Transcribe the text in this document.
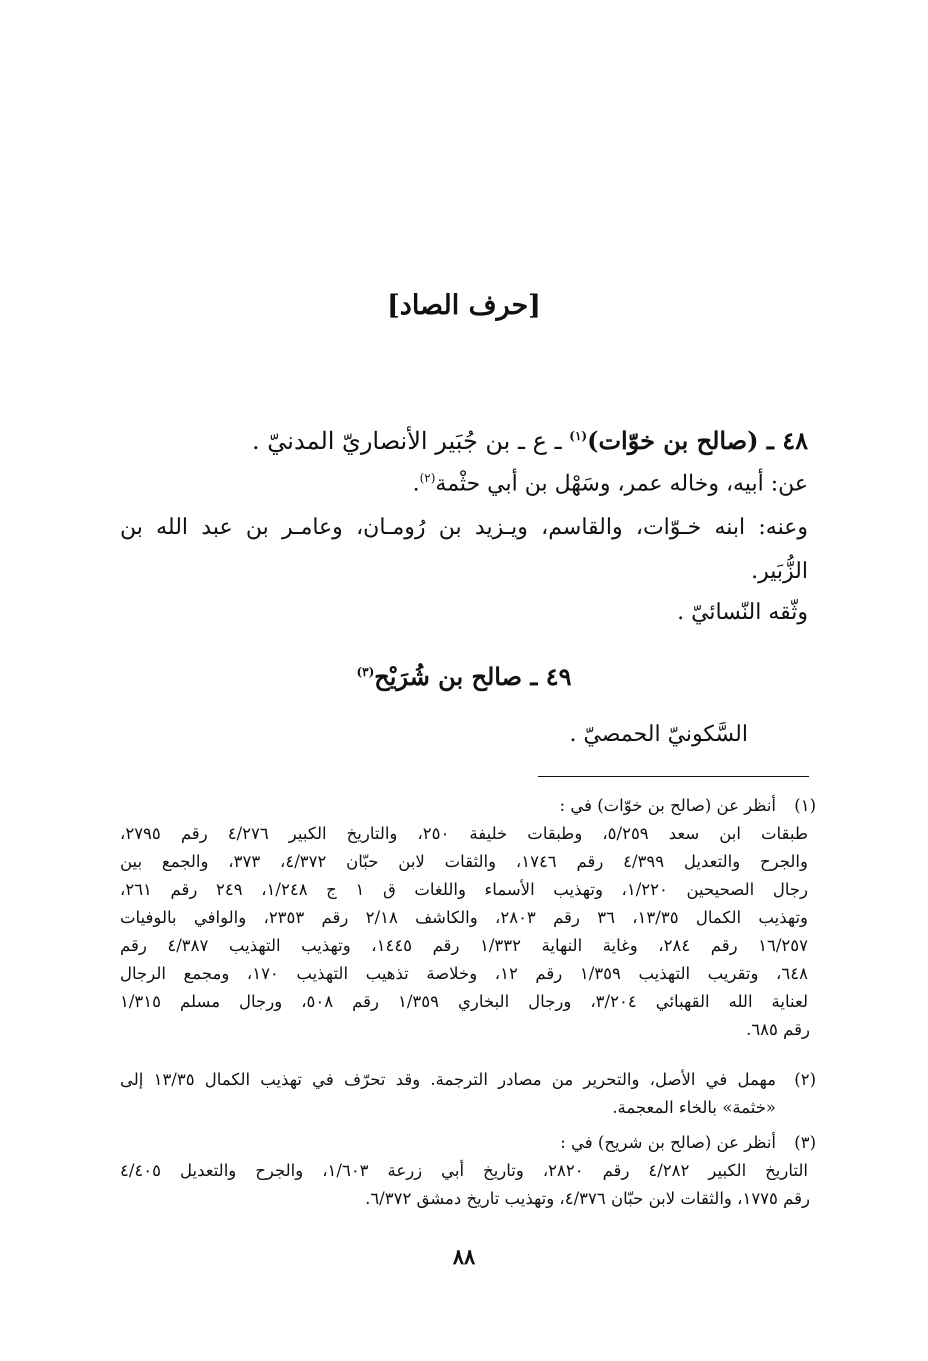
[حرف الصاد]
٤٨ ـ (صالح بن خوّات)$^{(١)}$ ـ ع ـ بن جُبَير الأنصاريّ المدنيّ .
عن: أبيه، وخاله عمر، وسَهْل بن أبي حثْمة$^{(٢)}$.
وعنه: ابنه خـوّات، والقاسم، ويـزيد بن رُومـان، وعامـر بن عبد الله بن
الزُّبَير.
وثّقه النّسائيّ .
٤٩ ـ صالح بن شُرَيْح$^{(٣)}$
السَّكونيّ الحمصيّ .
(١)
أنظر عن (صالح بن خوّات) في :
طبقات ابن سعد ٥/٢٥٩، وطبقات خليفة ٢٥٠، والتاريخ الكبير ٤/٢٧٦ رقم ٢٧٩٥،
والجرح والتعديل ٤/٣٩٩ رقم ١٧٤٦، والثقات لابن حبّان ٤/٣٧٢، ٣٧٣، والجمع بين
رجال الصحيحين ١/٢٢٠، وتهذيب الأسماء واللغات ق ١ ج ١/٢٤٨، ٢٤٩ رقم ٢٦١،
وتهذيب الكمال ١٣/٣٥، ٣٦ رقم ٢٨٠٣، والكاشف ٢/١٨ رقم ٢٣٥٣، والوافي بالوفيات
١٦/٢٥٧ رقم ٢٨٤، وغاية النهاية ١/٣٣٢ رقم ١٤٤٥، وتهذيب التهذيب ٤/٣٨٧ رقم
٦٤٨، وتقريب التهذيب ١/٣٥٩ رقم ١٢، وخلاصة تذهيب التهذيب ١٧٠، ومجمع الرجال
لعناية الله القهبائي ٣/٢٠٤، ورجال البخاري ١/٣٥٩ رقم ٥٠٨، ورجال مسلم ١/٣١٥
رقم ٦٨٥.
(٢)
مهمل في الأصل، والتحرير من مصادر الترجمة. وقد تحرّف في تهذيب الكمال ١٣/٣٥ إلى
«خثمة» بالخاء المعجمة.
(٣)
أنظر عن (صالح بن شريح) في :
التاريخ الكبير ٤/٢٨٢ رقم ٢٨٢٠، وتاريخ أبي زرعة ١/٦٠٣، والجرح والتعديل ٤/٤٠٥
رقم ١٧٧٥، والثقات لابن حبّان ٤/٣٧٦، وتهذيب تاريخ دمشق ٦/٣٧٢.
٨٨
